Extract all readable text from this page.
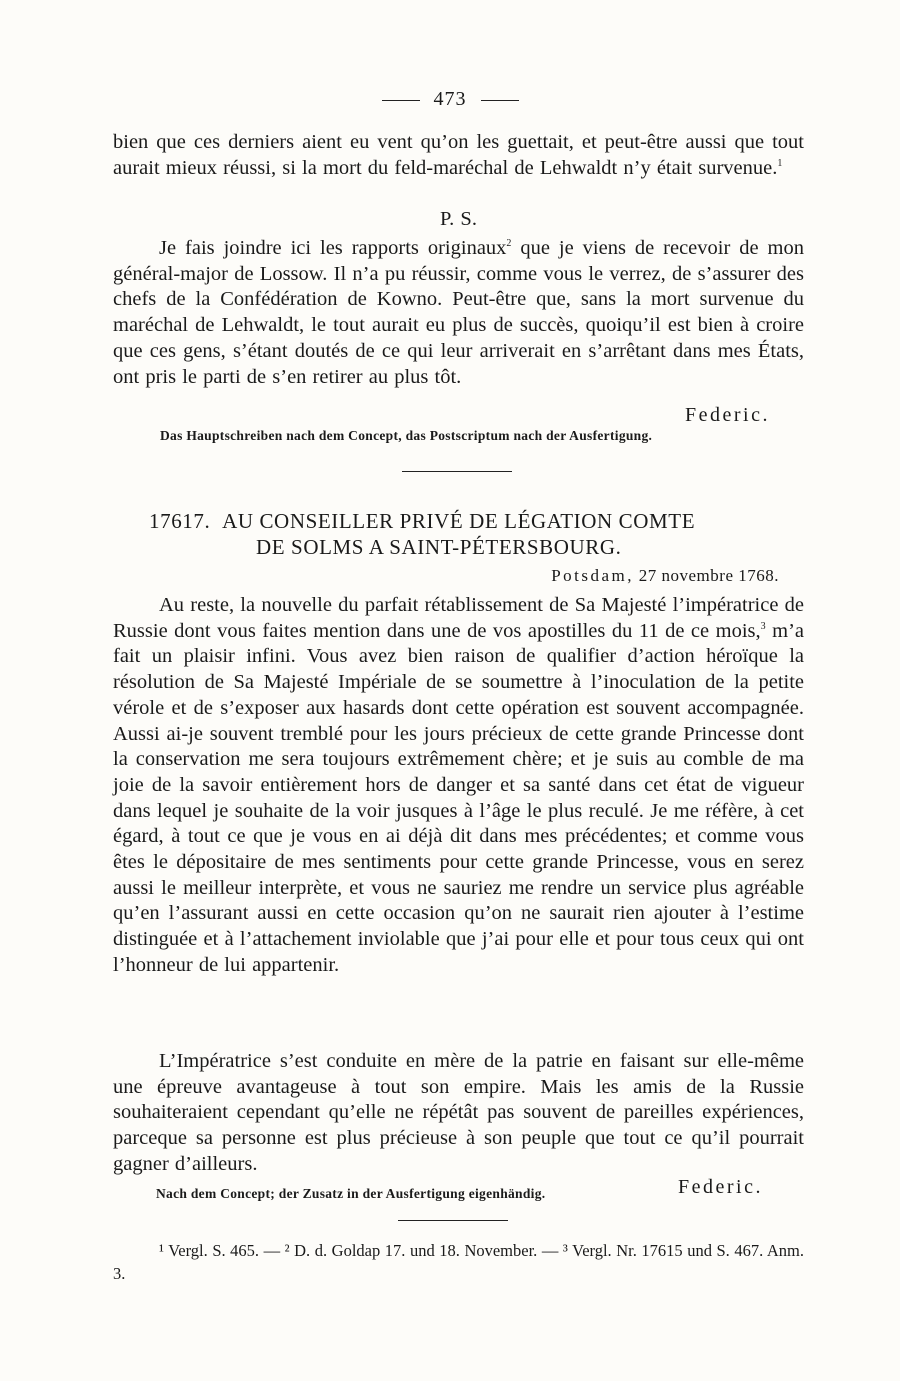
473

bien que ces derniers aient eu vent qu’on les guettait, et peut-être aussi que tout aurait mieux réussi, si la mort du feld-maréchal de Lehwaldt n’y était survenue.$^1$

P. S.

Je fais joindre ici les rapports originaux$^2$ que je viens de recevoir de mon général-major de Lossow. Il n’a pu réussir, comme vous le verrez, de s’assurer des chefs de la Confédération de Kowno. Peut-être que, sans la mort survenue du maréchal de Lehwaldt, le tout aurait eu plus de succès, quoiqu’il est bien à croire que ces gens, s’étant doutés de ce qui leur arriverait en s’arrêtant dans mes États, ont pris le parti de s’en retirer au plus tôt.

Federic.
Das Hauptschreiben nach dem Concept, das Postscriptum nach der Ausfertigung.
17617. AU CONSEILLER PRIVÉ DE LÉGATION COMTE
DE SOLMS A SAINT-PÉTERSBOURG.
Potsdam, 27 novembre 1768.

Au reste, la nouvelle du parfait rétablissement de Sa Majesté l’impératrice de Russie dont vous faites mention dans une de vos apostilles du 11 de ce mois,$^3$ m’a fait un plaisir infini. Vous avez bien raison de qualifier d’action héroïque la résolution de Sa Majesté Impériale de se soumettre à l’inoculation de la petite vérole et de s’exposer aux hasards dont cette opération est souvent accompagnée. Aussi ai-je souvent tremblé pour les jours précieux de cette grande Princesse dont la conservation me sera toujours extrêmement chère; et je suis au comble de ma joie de la savoir entièrement hors de danger et sa santé dans cet état de vigueur dans lequel je souhaite de la voir jusques à l’âge le plus reculé. Je me réfère, à cet égard, à tout ce que je vous en ai déjà dit dans mes précédentes; et comme vous êtes le dépositaire de mes sentiments pour cette grande Princesse, vous en serez aussi le meilleur interprète, et vous ne sauriez me rendre un service plus agréable qu’en l’assurant aussi en cette occasion qu’on ne saurait rien ajouter à l’estime distinguée et à l’attachement inviolable que j’ai pour elle et pour tous ceux qui ont l’honneur de lui appartenir.

L’Impératrice s’est conduite en mère de la patrie en faisant sur elle-même une épreuve avantageuse à tout son empire. Mais les amis de la Russie souhaiteraient cependant qu’elle ne répétât pas souvent de pareilles expériences, parceque sa personne est plus précieuse à son peuple que tout ce qu’il pourrait gagner d’ailleurs.

Federic.
Nach dem Concept; der Zusatz in der Ausfertigung eigenhändig.

¹ Vergl. S. 465. — ² D. d. Goldap 17. und 18. November. — ³ Vergl. Nr. 17615 und S. 467. Anm. 3.
